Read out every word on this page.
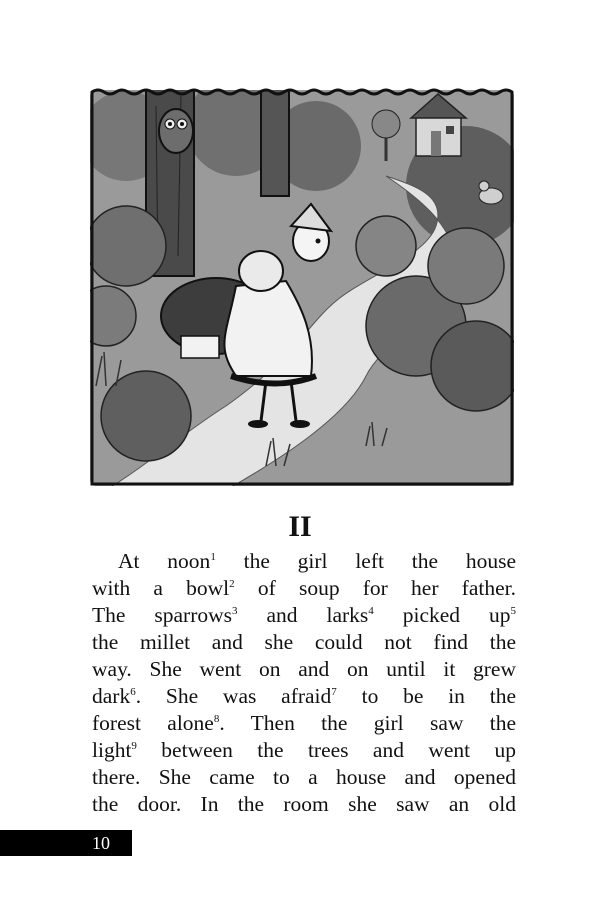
II
At noon$^1$ the girl left the house
with a bowl$^2$ of soup for her father.
The sparrows$^3$ and larks$^4$ picked $up^5$
the millet and she could not find the
way. She went on and on until it grew
dark$^6$. She was afraid$^7$ to be in the
forest alone$^8$. Then the girl saw the
light$^9$ between the trees and went up
there. She came to a house and opened
the door. In the room she saw an old
10
